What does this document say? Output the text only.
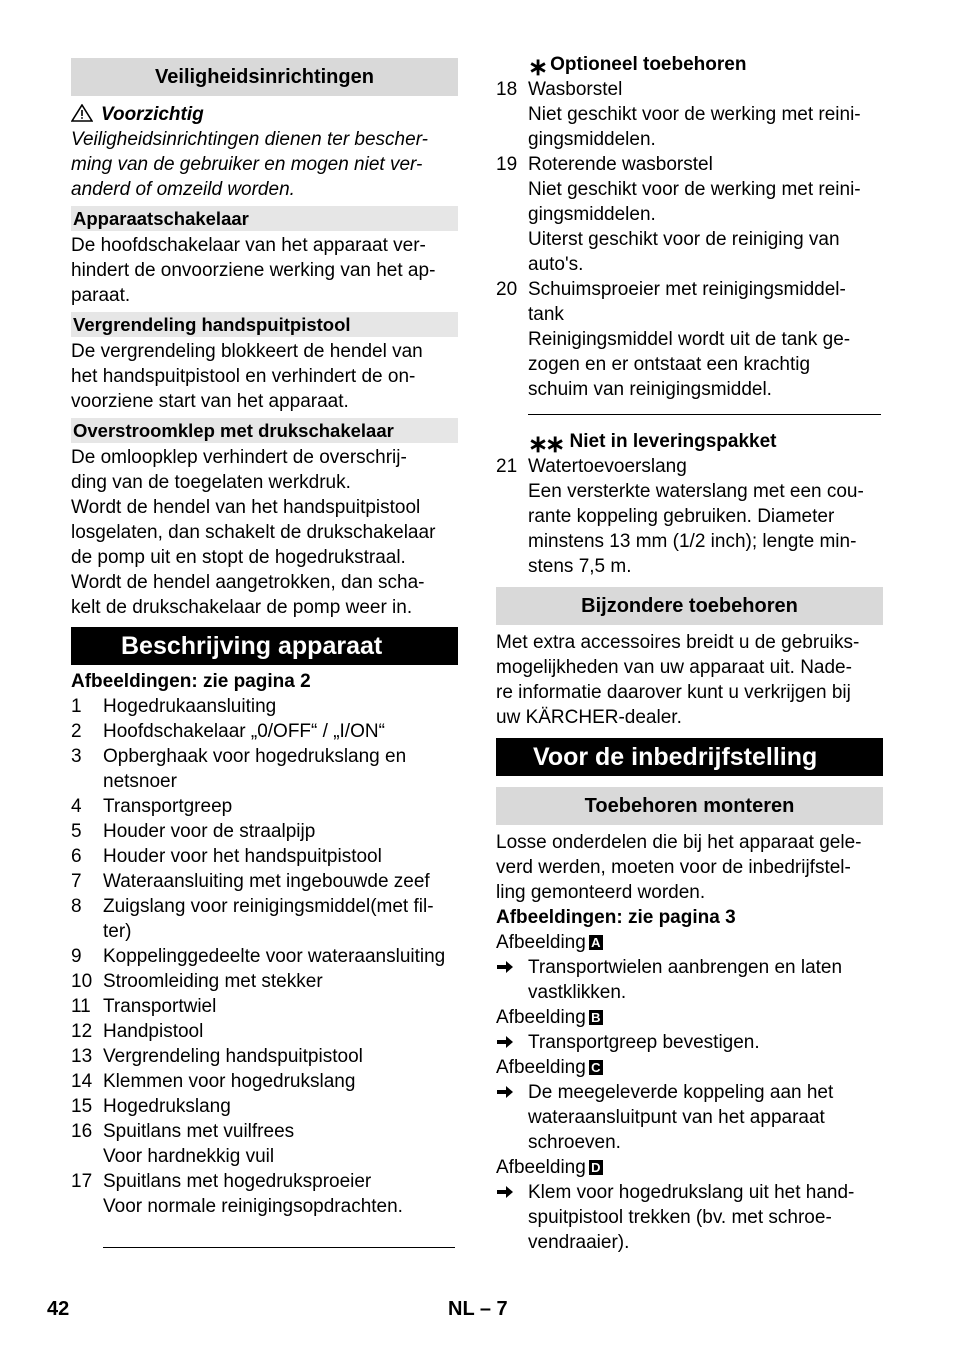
Veiligheidsinrichtingen
Voorzichtig
Veiligheidsinrichtingen dienen ter bescher-
ming van de gebruiker en mogen niet ver-
anderd of omzeild worden.
Apparaatschakelaar
De hoofdschakelaar van het apparaat ver-
hindert de onvoorziene werking van het ap-
paraat.
Vergrendeling handspuitpistool
De vergrendeling blokkeert de hendel van
het handspuitpistool en verhindert de on-
voorziene start van het apparaat.
Overstroomklep met drukschakelaar
De omloopklep verhindert de overschrij-
ding van de toegelaten werkdruk.
Wordt de hendel van het handspuitpistool
losgelaten, dan schakelt de drukschakelaar
de pomp uit en stopt de hogedrukstraal.
Wordt de hendel aangetrokken, dan scha-
kelt de drukschakelaar de pomp weer in.
Beschrijving apparaat
Afbeeldingen: zie pagina 2
1	Hogedrukaansluiting
2	Hoofdschakelaar „0/OFF“ / „I/ON“
3	Opberghaak voor hogedrukslang en
netsnoer
4	Transportgreep
5	Houder voor de straalpijp
6	Houder voor het handspuitpistool
7	Wateraansluiting met ingebouwde zeef
8	Zuigslang voor reinigingsmiddel(met fil-
ter)
9	Koppelinggedeelte voor wateraansluiting
10 Stroomleiding met stekker
11 Transportwiel
12 Handpistool
13 Vergrendeling handspuitpistool
14 Klemmen voor hogedrukslang
15 Hogedrukslang
16 Spuitlans met vuilfrees
Voor hardnekkig vuil
17 Spuitlans met hogedruksproeier
Voor normale reinigingsopdrachten.
∗ Optioneel toebehoren
18 Wasborstel
Niet geschikt voor de werking met reini-
gingsmiddelen.
19 Roterende wasborstel
Niet geschikt voor de werking met reini-
gingsmiddelen.
Uiterst geschikt voor de reiniging van
auto's.
20 Schuimsproeier met reinigingsmiddel-
tank
Reinigingsmiddel wordt uit de tank ge-
zogen en er ontstaat een krachtig
schuim van reinigingsmiddel.
∗∗ Niet in leveringspakket
21 Watertoevoerslang
Een versterkte waterslang met een cou-
rante koppeling gebruiken. Diameter
minstens 13 mm (1/2 inch); lengte min-
stens 7,5 m.
Bijzondere toebehoren
Met extra accessoires breidt u de gebruiks-
mogelijkheden van uw apparaat uit. Nade-
re informatie daarover kunt u verkrijgen bij
uw KÄRCHER-dealer.
Voor de inbedrijfstelling
Toebehoren monteren
Losse onderdelen die bij het apparaat gele-
verd werden, moeten voor de inbedrijfstel-
ling gemonteerd worden.
Afbeeldingen: zie pagina 3
Afbeelding A
Transportwielen aanbrengen en laten
vastklikken.
Afbeelding B
Transportgreep bevestigen.
Afbeelding C
De meegeleverde koppeling aan het
wateraansluitpunt van het apparaat
schroeven.
Afbeelding D
Klem voor hogedrukslang uit het hand-
spuitpistool trekken (bv. met schroe-
vendraaier).
42	NL – 7
